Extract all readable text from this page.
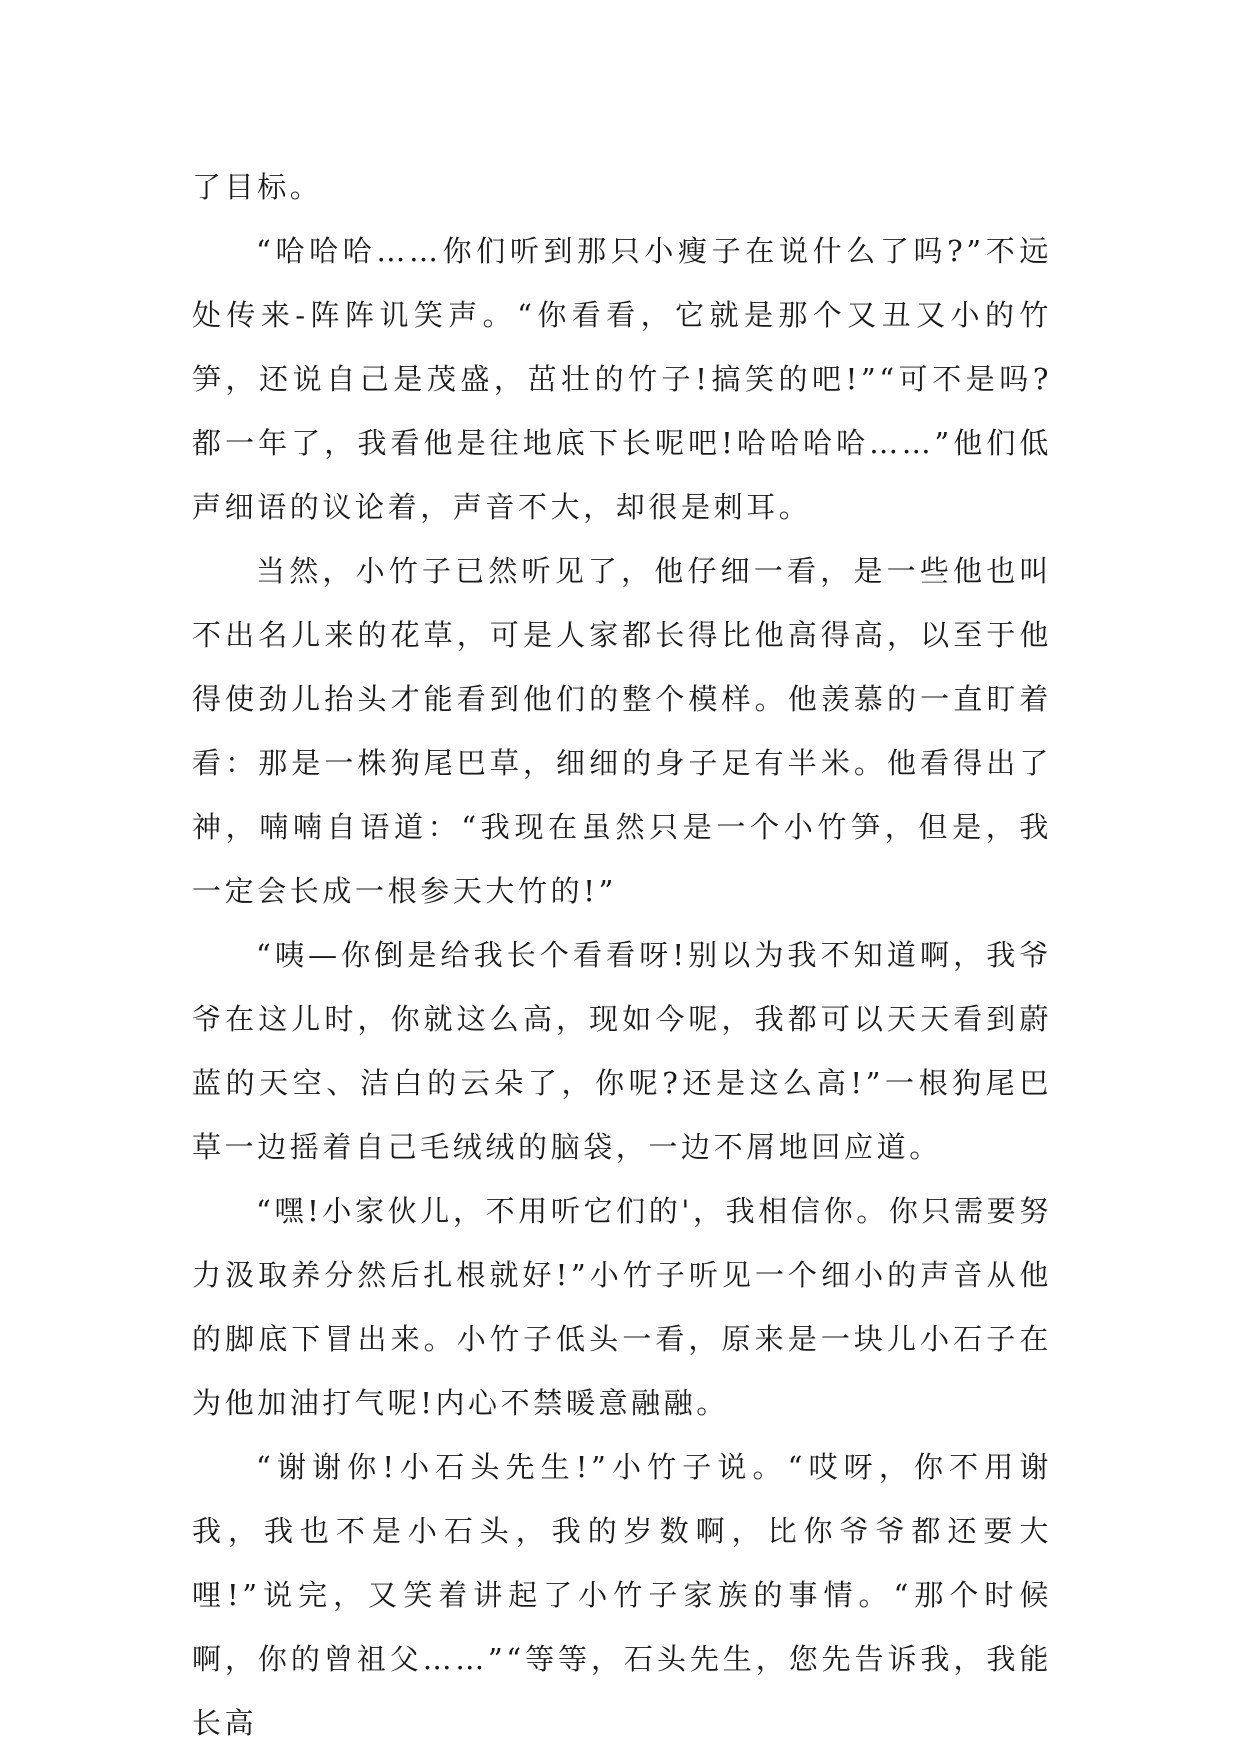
了目标。

“哈哈哈……你们听到那只小瘦子在说什么了吗?”不远处传来-阵阵讥笑声。“你看看，它就是那个又丑又小的竹笋，还说自己是茂盛，茁壮的竹子!搞笑的吧!”“可不是吗?都一年了，我看他是往地底下长呢吧!哈哈哈哈……”他们低声细语的议论着，声音不大，却很是刺耳。

当然，小竹子已然听见了，他仔细一看，是一些他也叫不出名儿来的花草，可是人家都长得比他高得高，以至于他得使劲儿抬头才能看到他们的整个模样。他羡慕的一直盯着看：那是一株狗尾巴草，细细的身子足有半米。他看得出了神，喃喃自语道：“我现在虽然只是一个小竹笋，但是，我一定会长成一根参天大竹的!”

“咦—你倒是给我长个看看呀!别以为我不知道啊，我爷爷在这儿时，你就这么高，现如今呢，我都可以天天看到蔚蓝的天空、洁白的云朵了，你呢?还是这么高!”一根狗尾巴草一边摇着自己毛绒绒的脑袋，一边不屑地回应道。

“嘿!小家伙儿，不用听它们的'，我相信你。你只需要努力汲取养分然后扎根就好!”小竹子听见一个细小的声音从他的脚底下冒出来。小竹子低头一看，原来是一块儿小石子在为他加油打气呢!内心不禁暖意融融。

“谢谢你!小石头先生!”小竹子说。“哎呀，你不用谢我，我也不是小石头，我的岁数啊，比你爷爷都还要大哩!”说完，又笑着讲起了小竹子家族的事情。“那个时候啊，你的曾祖父……”“等等，石头先生，您先告诉我，我能长高
